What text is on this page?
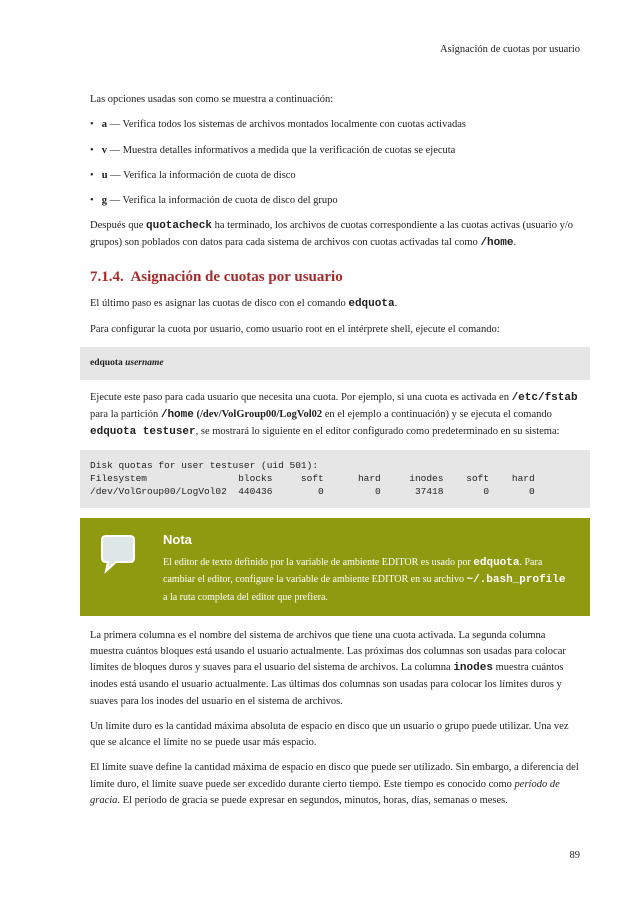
Asignación de cuotas por usuario

Las opciones usadas son como se muestra a continuación:

• a — Verifica todos los sistemas de archivos montados localmente con cuotas activadas
• v — Muestra detalles informativos a medida que la verificación de cuotas se ejecuta
• u — Verifica la información de cuota de disco
• g — Verifica la información de cuota de disco del grupo

Después que quotacheck ha terminado, los archivos de cuotas correspondiente a las cuotas activas (usuario y/o grupos) son poblados con datos para cada sistema de archivos con cuotas activadas tal como /home.

7.1.4. Asignación de cuotas por usuario

El último paso es asignar las cuotas de disco con el comando edquota.

Para configurar la cuota por usuario, como usuario root en el intérprete shell, ejecute el comando:

edquota username

Ejecute este paso para cada usuario que necesita una cuota. Por ejemplo, si una cuota es activada en /etc/fstab para la partición /home (/dev/VolGroup00/LogVol02 en el ejemplo a continuación) y se ejecuta el comando edquota testuser, se mostrará lo siguiente en el editor configurado como predeterminado en su sistema:

Disk quotas for user testuser (uid 501):
Filesystem                blocks     soft      hard     inodes    soft    hard
/dev/VolGroup00/LogVol02  440436        0         0      37418       0       0
Nota
El editor de texto definido por la variable de ambiente EDITOR es usado por edquota. Para cambiar el editor, configure la variable de ambiente EDITOR en su archivo ~/.bash_profile a la ruta completa del editor que prefiera.

La primera columna es el nombre del sistema de archivos que tiene una cuota activada. La segunda columna muestra cuántos bloques está usando el usuario actualmente. Las próximas dos columnas son usadas para colocar límites de bloques duros y suaves para el usuario del sistema de archivos. La columna inodes muestra cuántos inodes está usando el usuario actualmente. Las últimas dos columnas son usadas para colocar los límites duros y suaves para los inodes del usuario en el sistema de archivos.

Un límite duro es la cantidad máxima absoluta de espacio en disco que un usuario o grupo puede utilizar. Una vez que se alcance el límite no se puede usar más espacio.

El límite suave define la cantidad máxima de espacio en disco que puede ser utilizado. Sin embargo, a diferencia del límite duro, el límite suave puede ser excedido durante cierto tiempo. Este tiempo es conocido como período de gracia. El período de gracia se puede expresar en segundos, minutos, horas, días, semanas o meses.

89
